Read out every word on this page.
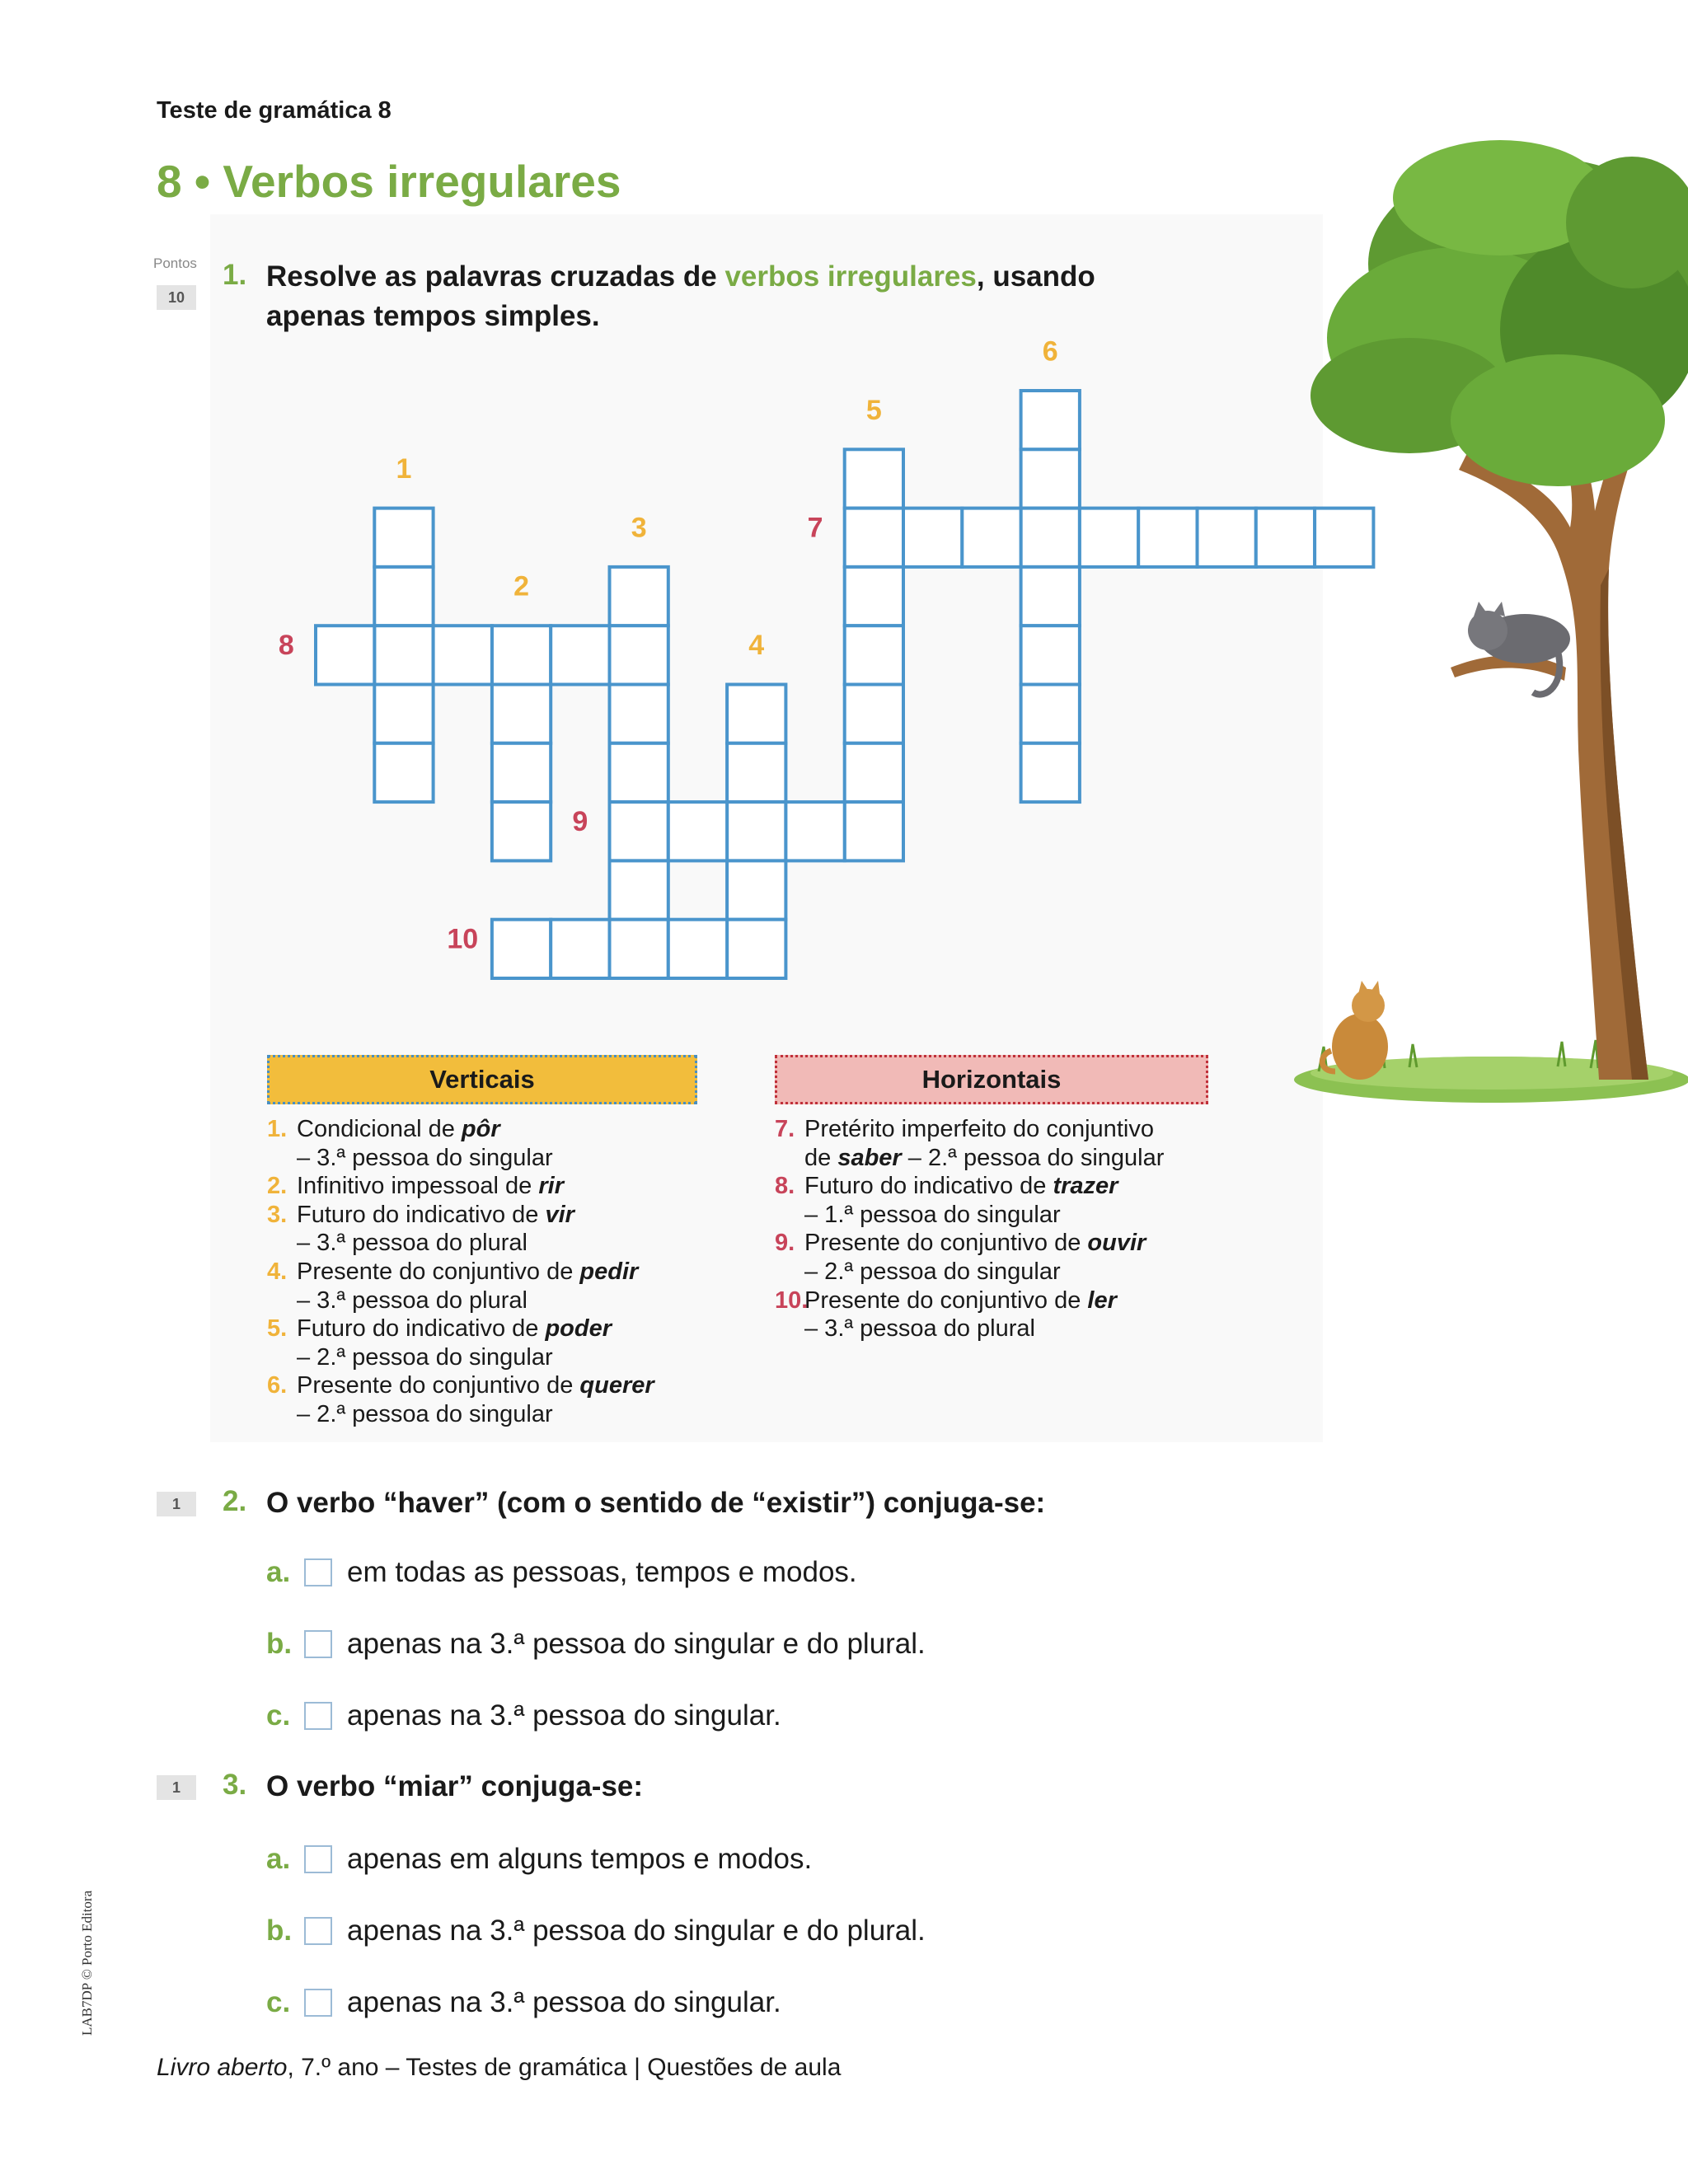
Teste de gramática 8
8 • Verbos irregulares
Pontos
10
1. Resolve as palavras cruzadas de verbos irregulares, usando apenas tempos simples.
1
2
3
4
5
6
7
8
9
10
Verticais	Horizontais
1. Condicional de pôr
– 3.ª pessoa do singular
2. Infinitivo impessoal de rir
3. Futuro do indicativo de vir
– 3.ª pessoa do plural
4. Presente do conjuntivo de pedir
– 3.ª pessoa do plural
5. Futuro do indicativo de poder
– 2.ª pessoa do singular
6. Presente do conjuntivo de querer
– 2.ª pessoa do singular
7. Pretérito imperfeito do conjuntivo
de saber – 2.ª pessoa do singular
8. Futuro do indicativo de trazer
– 1.ª pessoa do singular
9. Presente do conjuntivo de ouvir
– 2.ª pessoa do singular
10.Presente do conjuntivo de ler
– 3.ª pessoa do plural
1	2. O verbo “haver” (com o sentido de “existir”) conjuga-se:
a.	em todas as pessoas, tempos e modos.
b.	apenas na 3.ª pessoa do singular e do plural.
c.	apenas na 3.ª pessoa do singular.
1	3. O verbo “miar” conjuga-se:
a.	apenas em alguns tempos e modos.
b.	apenas na 3.ª pessoa do singular e do plural.
c.	apenas na 3.ª pessoa do singular.
Livro aberto, 7.º ano – Testes de gramática | Questões de aula
LAB7DP © Porto Editora
